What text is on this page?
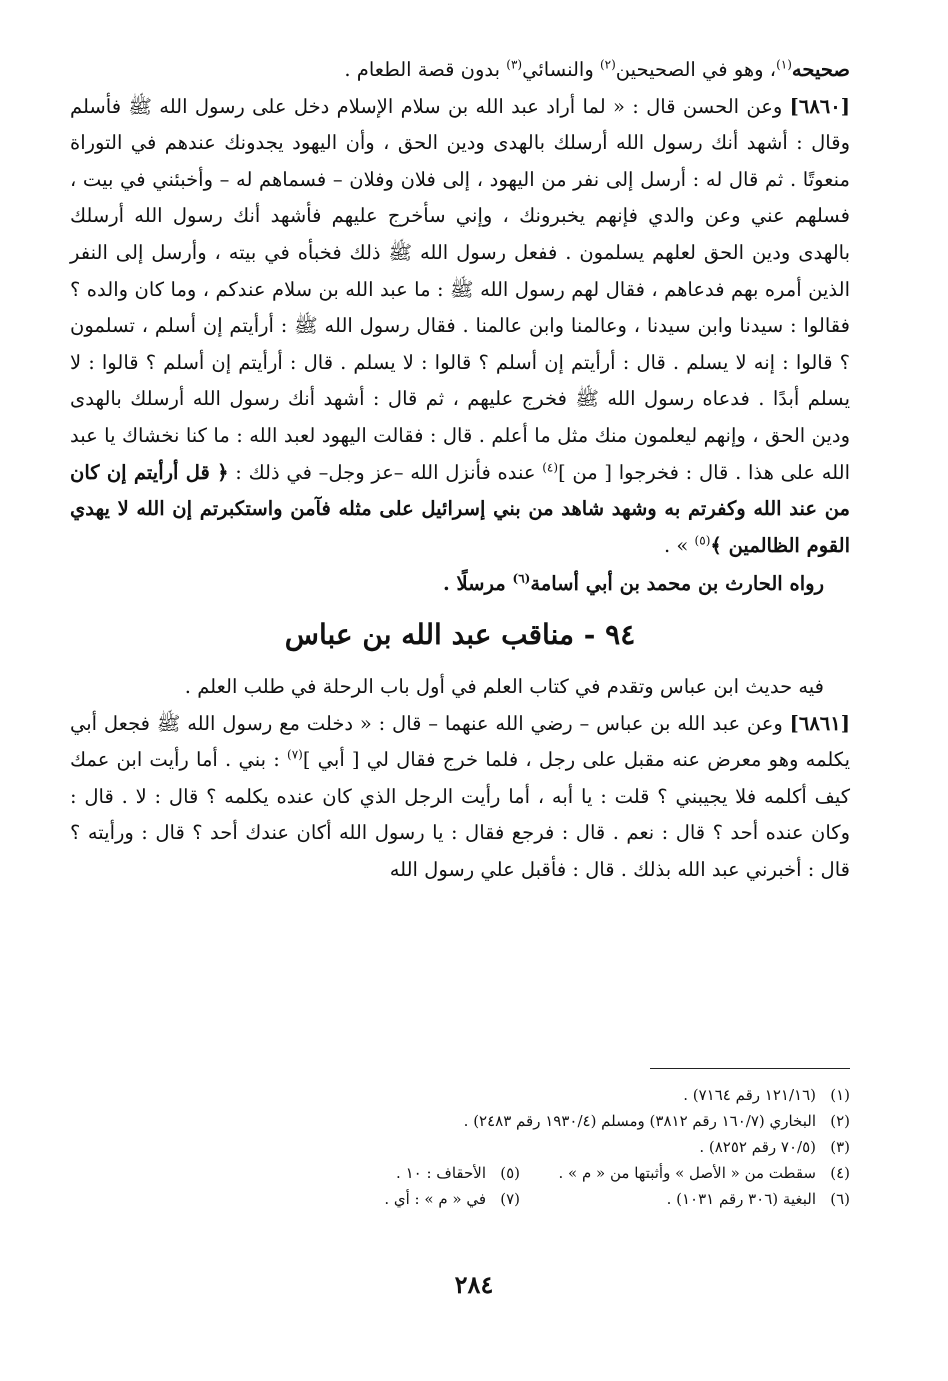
صحيحه$^{(١)}$، وهو في الصحيحين$^{(٢)}$ والنسائي$^{(٣)}$ بدون قصة الطعام .

[٦٨٦٠] وعن الحسن قال : « لما أراد عبد الله بن سلام الإسلام دخل على رسول الله ﷺ فأسلم وقال : أشهد أنك رسول الله أرسلك بالهدى ودين الحق ، وأن اليهود يجدونك عندهم في التوراة منعوتًا . ثم قال له : أرسل إلى نفر من اليهود ، إلى فلان وفلان – فسماهم له – وأخبئني في بيت ، فسلهم عني وعن والدي فإنهم يخبرونك ، وإني سأخرج عليهم فأشهد أنك رسول الله أرسلك بالهدى ودين الحق لعلهم يسلمون . ففعل رسول الله ﷺ ذلك فخبأه في بيته ، وأرسل إلى النفر الذين أمره بهم فدعاهم ، فقال لهم رسول الله ﷺ : ما عبد الله بن سلام عندكم ، وما كان والده ؟ فقالوا : سيدنا وابن سيدنا ، وعالمنا وابن عالمنا . فقال رسول الله ﷺ : أرأيتم إن أسلم ، تسلمون ؟ قالوا : إنه لا يسلم . قال : أرأيتم إن أسلم ؟ قالوا : لا يسلم . قال : أرأيتم إن أسلم ؟ قالوا : لا يسلم أبدًا . فدعاه رسول الله ﷺ فخرج عليهم ، ثم قال : أشهد أنك رسول الله أرسلك بالهدى ودين الحق ، وإنهم ليعلمون منك مثل ما أعلم . قال : فقالت اليهود لعبد الله : ما كنا نخشاك يا عبد الله على هذا . قال : فخرجوا [ من ]$^{(٤)}$ عنده فأنزل الله –عز وجل– في ذلك : ﴿ قل أرأيتم إن كان من عند الله وكفرتم به وشهد شاهد من بني إسرائيل على مثله فآمن واستكبرتم إن الله لا يهدي القوم الظالمين ﴾$^{(٥)}$ » .

رواه الحارث بن محمد بن أبي أسامة$^{(٦)}$ مرسلًا .

٩٤ - مناقب عبد الله بن عباس

فيه حديث ابن عباس وتقدم في كتاب العلم في أول باب الرحلة في طلب العلم .

[٦٨٦١] وعن عبد الله بن عباس – رضي الله عنهما – قال : « دخلت مع رسول الله ﷺ فجعل أبي يكلمه وهو معرض عنه مقبل على رجل ، فلما خرج فقال لي [ أبي ]$^{(٧)}$ : بني . أما رأيت ابن عمك كيف أكلمه فلا يجيبني ؟ قلت : يا أبه ، أما رأيت الرجل الذي كان عنده يكلمه ؟ قال : لا . قال : وكان عنده أحد ؟ قال : نعم . قال : فرجع فقال : يا رسول الله أكان عندك أحد ؟ قال : ورأيته ؟ قال : أخبرني عبد الله بذلك . قال : فأقبل علي رسول الله

(١)(١٢١/١٦ رقم ٧١٦٤) .
(٢)البخاري (١٦٠/٧ رقم ٣٨١٢) ومسلم (١٩٣٠/٤ رقم ٢٤٨٣) .
(٣)(٧٠/٥ رقم ٨٢٥٢) .
(٤)سقطت من « الأصل » وأثبتها من « م » .
(٥)الأحقاف : ١٠ .
(٦)البغية (٣٠٦ رقم ١٠٣١) .
(٧)في « م » : أي .
٢٨٤
